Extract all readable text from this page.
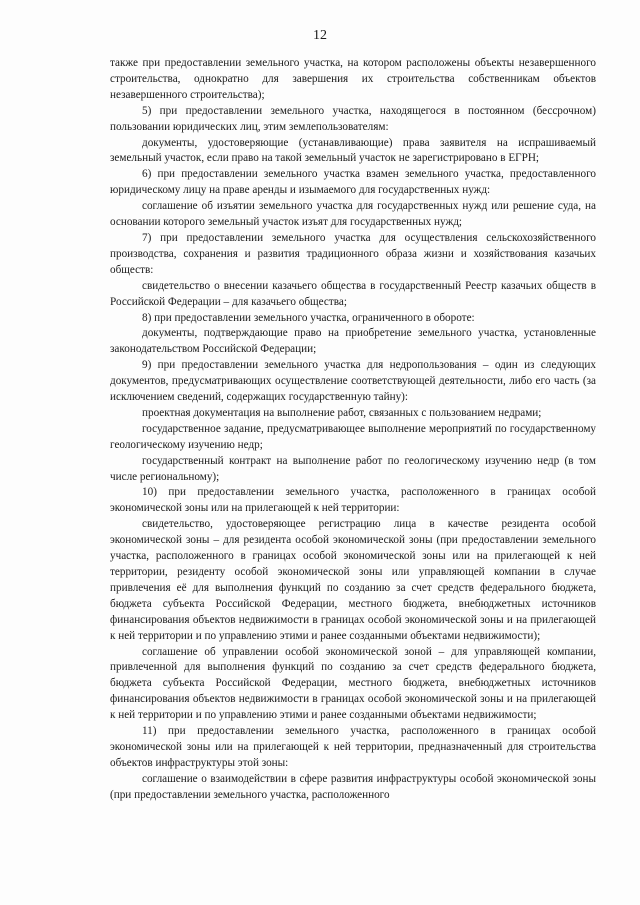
12

также при предоставлении земельного участка, на котором расположены объекты незавершенного строительства, однократно для завершения их строительства собственникам объектов незавершенного строительства);

5) при предоставлении земельного участка, находящегося в постоянном (бессрочном) пользовании юридических лиц, этим землепользователям:

документы, удостоверяющие (устанавливающие) права заявителя на испрашиваемый земельный участок, если право на такой земельный участок не зарегистрировано в ЕГРН;

6) при предоставлении земельного участка взамен земельного участка, предоставленного юридическому лицу на праве аренды и изымаемого для государственных нужд:

соглашение об изъятии земельного участка для государственных нужд или решение суда, на основании которого земельный участок изъят для государственных нужд;

7) при предоставлении земельного участка для осуществления сельскохозяйственного производства, сохранения и развития традиционного образа жизни и хозяйствования казачьих обществ:

свидетельство о внесении казачьего общества в государственный Реестр казачьих обществ в Российской Федерации – для казачьего общества;

8) при предоставлении земельного участка, ограниченного в обороте:

документы, подтверждающие право на приобретение земельного участка, установленные законодательством Российской Федерации;

9) при предоставлении земельного участка для недропользования – один из следующих документов, предусматривающих осуществление соответствующей деятельности, либо его часть (за исключением сведений, содержащих государственную тайну):

проектная документация на выполнение работ, связанных с пользованием недрами;

государственное задание, предусматривающее выполнение мероприятий по государственному геологическому изучению недр;

государственный контракт на выполнение работ по геологическому изучению недр (в том числе региональному);

10) при предоставлении земельного участка, расположенного в границах особой экономической зоны или на прилегающей к ней территории:

свидетельство, удостоверяющее регистрацию лица в качестве резидента особой экономической зоны – для резидента особой экономической зоны (при предоставлении земельного участка, расположенного в границах особой экономической зоны или на прилегающей к ней территории, резиденту особой экономической зоны или управляющей компании в случае привлечения её для выполнения функций по созданию за счет средств федерального бюджета, бюджета субъекта Российской Федерации, местного бюджета, внебюджетных источников финансирования объектов недвижимости в границах особой экономической зоны и на прилегающей к ней территории и по управлению этими и ранее созданными объектами недвижимости);

соглашение об управлении особой экономической зоной – для управляющей компании, привлеченной для выполнения функций по созданию за счет средств федерального бюджета, бюджета субъекта Российской Федерации, местного бюджета, внебюджетных источников финансирования объектов недвижимости в границах особой экономической зоны и на прилегающей к ней территории и по управлению этими и ранее созданными объектами недвижимости;

11) при предоставлении земельного участка, расположенного в границах особой экономической зоны или на прилегающей к ней территории, предназначенный для строительства объектов инфраструктуры этой зоны:

соглашение о взаимодействии в сфере развития инфраструктуры особой экономической зоны (при предоставлении земельного участка, расположенного
